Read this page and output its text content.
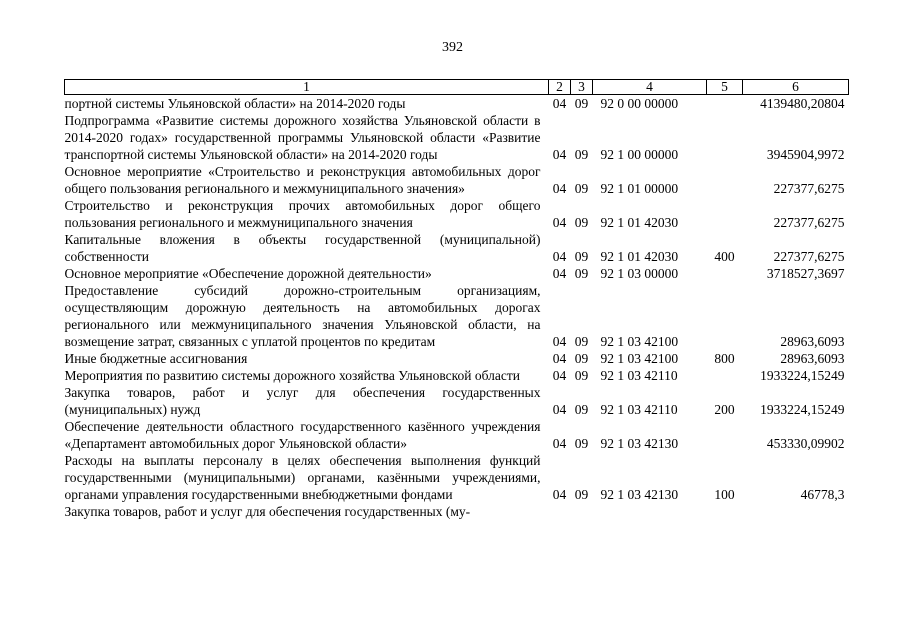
392
1	2	3	4	5	6
портной системы Ульяновской области» на 2014-2020 годы	04	09	92 0 00 00000		4139480,20804
Подпрограмма «Развитие системы дорожного хозяйства Ульяновской области в 2014-2020 годах» государственной программы Ульяновской области «Развитие транспортной системы Ульяновской области» на 2014-2020 годы	04	09	92 1 00 00000		3945904,9972
Основное мероприятие «Строительство и реконструкция автомобильных дорог общего пользования регионального и межмуниципального значения»	04	09	92 1 01 00000		227377,6275
Строительство и реконструкция прочих автомобильных дорог общего пользования регионального и межмуниципального значения	04	09	92 1 01 42030		227377,6275
Капитальные вложения в объекты государственной (муниципальной) собственности	04	09	92 1 01 42030	400	227377,6275
Основное мероприятие «Обеспечение дорожной деятельности»	04	09	92 1 03 00000		3718527,3697
Предоставление субсидий дорожно-строительным организациям, осуществляющим дорожную деятельность на автомобильных дорогах регионального или межмуниципального значения Ульяновской области, на возмещение затрат, связанных с уплатой процентов по кредитам	04	09	92 1 03 42100		28963,6093
Иные бюджетные ассигнования	04	09	92 1 03 42100	800	28963,6093
Мероприятия по развитию системы дорожного хозяйства Ульяновской области	04	09	92 1 03 42110		1933224,15249
Закупка товаров, работ и услуг для обеспечения государственных (муниципальных) нужд	04	09	92 1 03 42110	200	1933224,15249
Обеспечение деятельности областного государственного казённого учреждения «Департамент автомобильных дорог Ульяновской области»	04	09	92 1 03 42130		453330,09902
Расходы на выплаты персоналу в целях обеспечения выполнения функций государственными (муниципальными) органами, казёнными учреждениями, органами управления государственными внебюджетными фондами	04	09	92 1 03 42130	100	46778,3
Закупка товаров, работ и услуг для обеспечения государственных (му-					
